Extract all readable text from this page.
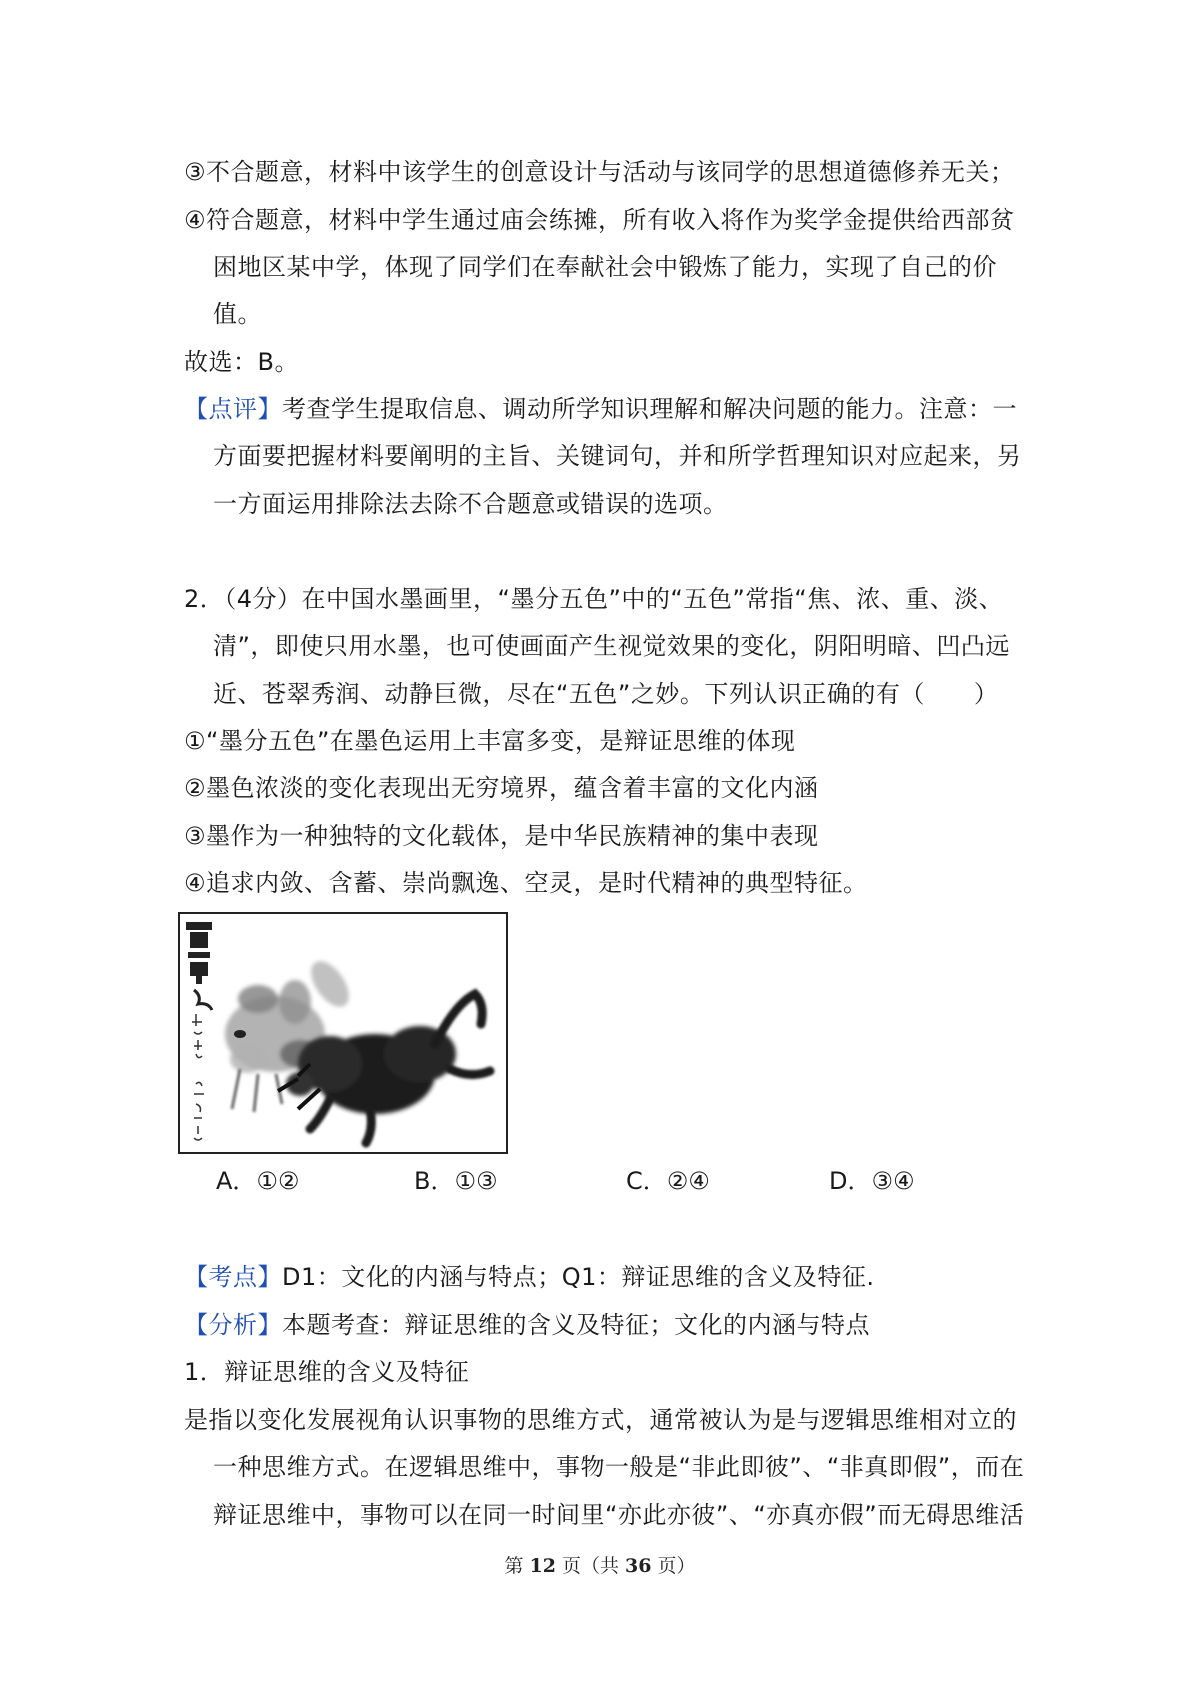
③不合题意，材料中该学生的创意设计与活动与该同学的思想道德修养无关；
④符合题意，材料中学生通过庙会练摊，所有收入将作为奖学金提供给西部贫
困地区某中学，体现了同学们在奉献社会中锻炼了能力，实现了自己的价
值。
故选：B。
【点评】考查学生提取信息、调动所学知识理解和解决问题的能力。注意：一
方面要把握材料要阐明的主旨、关键词句，并和所学哲理知识对应起来，另
一方面运用排除法去除不合题意或错误的选项。
2．（4分）在中国水墨画里，“墨分五色”中的“五色”常指“焦、浓、重、淡、
清”，即使只用水墨，也可使画面产生视觉效果的变化，阴阳明暗、凹凸远
近、苍翠秀润、动静巨微，尽在“五色”之妙。下列认识正确的有（　　）
①“墨分五色”在墨色运用上丰富多变，是辩证思维的体现
②墨色浓淡的变化表现出无穷境界，蕴含着丰富的文化内涵
③墨作为一种独特的文化载体，是中华民族精神的集中表现
④追求内敛、含蓄、崇尚飘逸、空灵，是时代精神的典型特征。
A．①②	B．①③	C．②④	D．③④
【考点】D1：文化的内涵与特点；Q1：辩证思维的含义及特征.
【分析】本题考查：辩证思维的含义及特征；文化的内涵与特点
1．辩证思维的含义及特征
是指以变化发展视角认识事物的思维方式，通常被认为是与逻辑思维相对立的
一种思维方式。在逻辑思维中，事物一般是“非此即彼”、“非真即假”，而在
辩证思维中，事物可以在同一时间里“亦此亦彼”、“亦真亦假”而无碍思维活
第 12 页（共 36 页）
